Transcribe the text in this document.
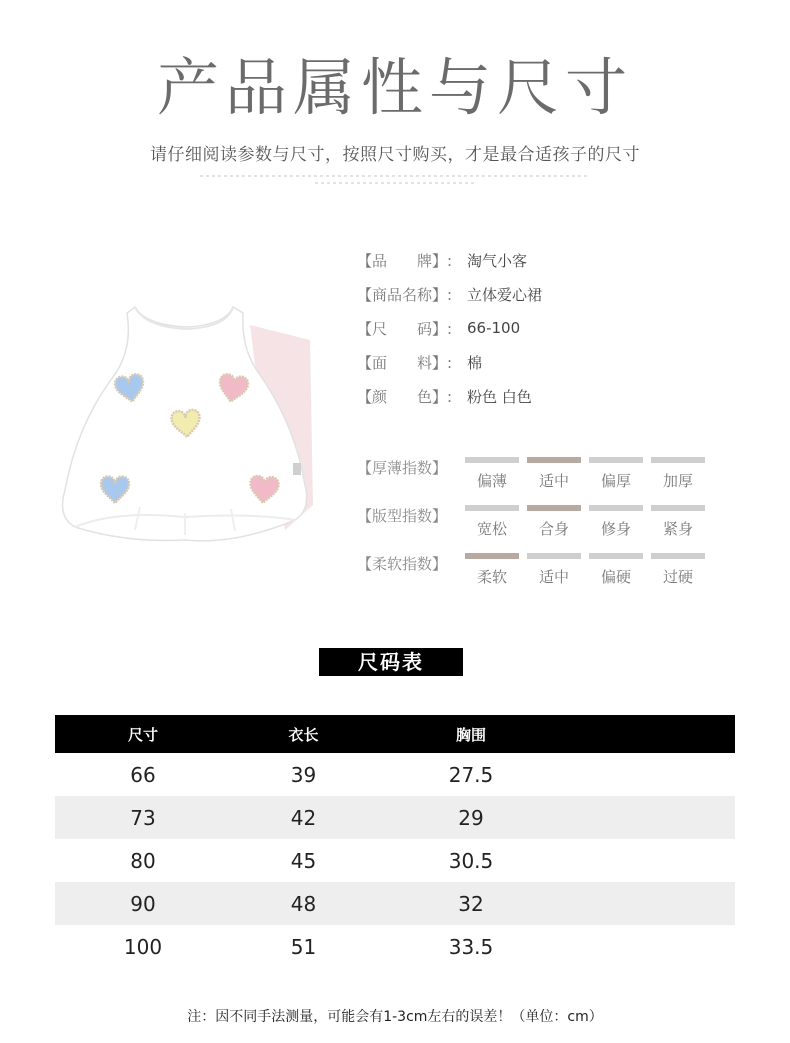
产品属性与尺寸
请仔细阅读参数与尺寸，按照尺寸购买，才是最合适孩子的尺寸
【品　　牌】: 淘气小客
【商品名称】: 立体爱心裙
【尺　　码】: 66-100
【面　　料】: 棉
【颜　　色】: 粉色 白色
【厚薄指数】
偏薄	适中	偏厚	加厚
【版型指数】
宽松	合身	修身	紧身
【柔软指数】
柔软	适中	偏硬	过硬
尺码表
尺寸	衣长	胸围
66	39	27.5
73	42	29
80	45	30.5
90	48	32
100	51	33.5
注：因不同手法测量，可能会有1-3cm左右的误差！（单位：cm）
